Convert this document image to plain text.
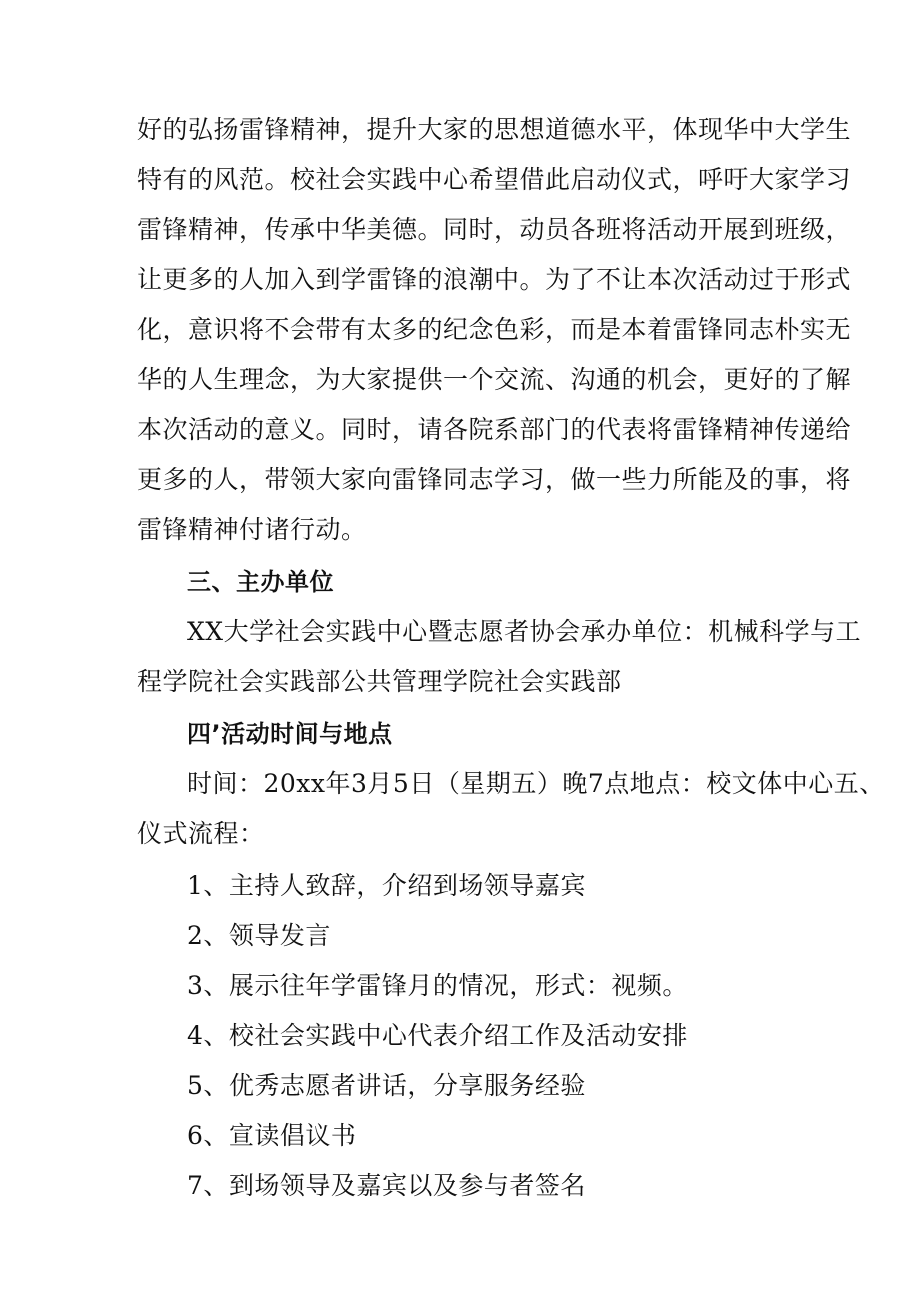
好的弘扬雷锋精神，提升大家的思想道德水平，体现华中大学生
特有的风范。校社会实践中心希望借此启动仪式，呼吁大家学习
雷锋精神，传承中华美德。同时，动员各班将活动开展到班级，
让更多的人加入到学雷锋的浪潮中。为了不让本次活动过于形式
化，意识将不会带有太多的纪念色彩，而是本着雷锋同志朴实无
华的人生理念，为大家提供一个交流、沟通的机会，更好的了解
本次活动的意义。同时，请各院系部门的代表将雷锋精神传递给
更多的人，带领大家向雷锋同志学习，做一些力所能及的事，将
雷锋精神付诸行动。
三、主办单位
XX大学社会实践中心暨志愿者协会承办单位：机械科学与工
程学院社会实践部公共管理学院社会实践部
四’活动时间与地点
时间：20xx年3月5日（星期五）晚7点地点：校文体中心五、
仪式流程：
1、主持人致辞，介绍到场领导嘉宾
2、领导发言
3、展示往年学雷锋月的情况，形式：视频。
4、校社会实践中心代表介绍工作及活动安排
5、优秀志愿者讲话，分享服务经验
6、宣读倡议书
7、到场领导及嘉宾以及参与者签名
